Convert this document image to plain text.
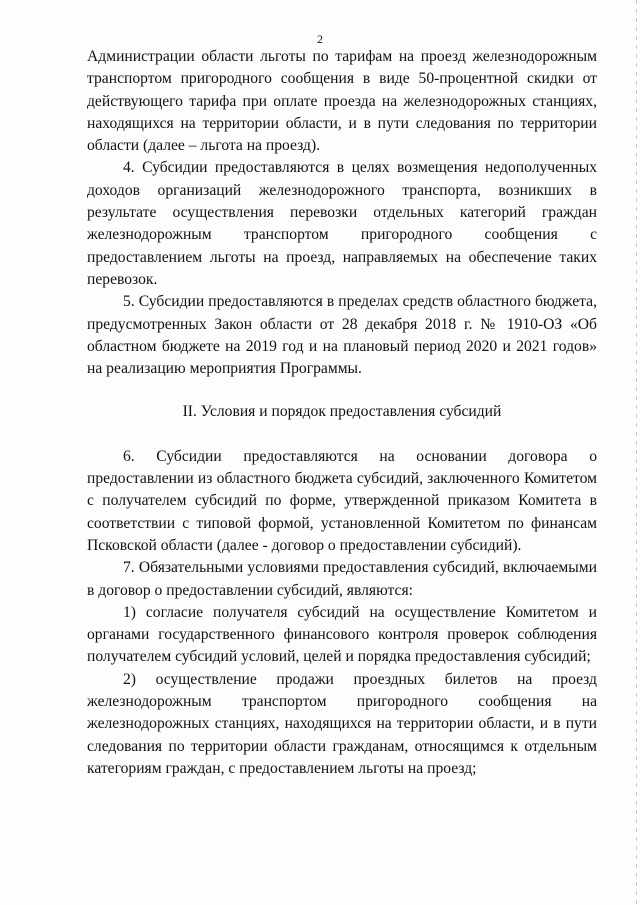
2

Администрации области льготы по тарифам на проезд железнодорожным транспортом пригородного сообщения в виде 50-процентной скидки от действующего тарифа при оплате проезда на железнодорожных станциях, находящихся на территории области, и в пути следования по территории области (далее – льгота на проезд).

4. Субсидии предоставляются в целях возмещения недополученных доходов организаций железнодорожного транспорта, возникших в результате осуществления перевозки отдельных категорий граждан железнодорожным транспортом пригородного сообщения с предоставлением льготы на проезд, направляемых на обеспечение таких перевозок.

5. Субсидии предоставляются в пределах средств областного бюджета, предусмотренных Закон области от 28 декабря 2018 г. № 1910-ОЗ «Об областном бюджете на 2019 год и на плановый период 2020 и 2021 годов» на реализацию мероприятия Программы.

II. Условия и порядок предоставления субсидий

6. Субсидии предоставляются на основании договора о предоставлении из областного бюджета субсидий, заключенного Комитетом с получателем субсидий по форме, утвержденной приказом Комитета в соответствии с типовой формой, установленной Комитетом по финансам Псковской области (далее - договор о предоставлении субсидий).

7. Обязательными условиями предоставления субсидий, включаемыми в договор о предоставлении субсидий, являются:

1) согласие получателя субсидий на осуществление Комитетом и органами государственного финансового контроля проверок соблюдения получателем субсидий условий, целей и порядка предоставления субсидий;

2) осуществление продажи проездных билетов на проезд железнодорожным транспортом пригородного сообщения на железнодорожных станциях, находящихся на территории области, и в пути следования по территории области гражданам, относящимся к отдельным категориям граждан, с предоставлением льготы на проезд;
